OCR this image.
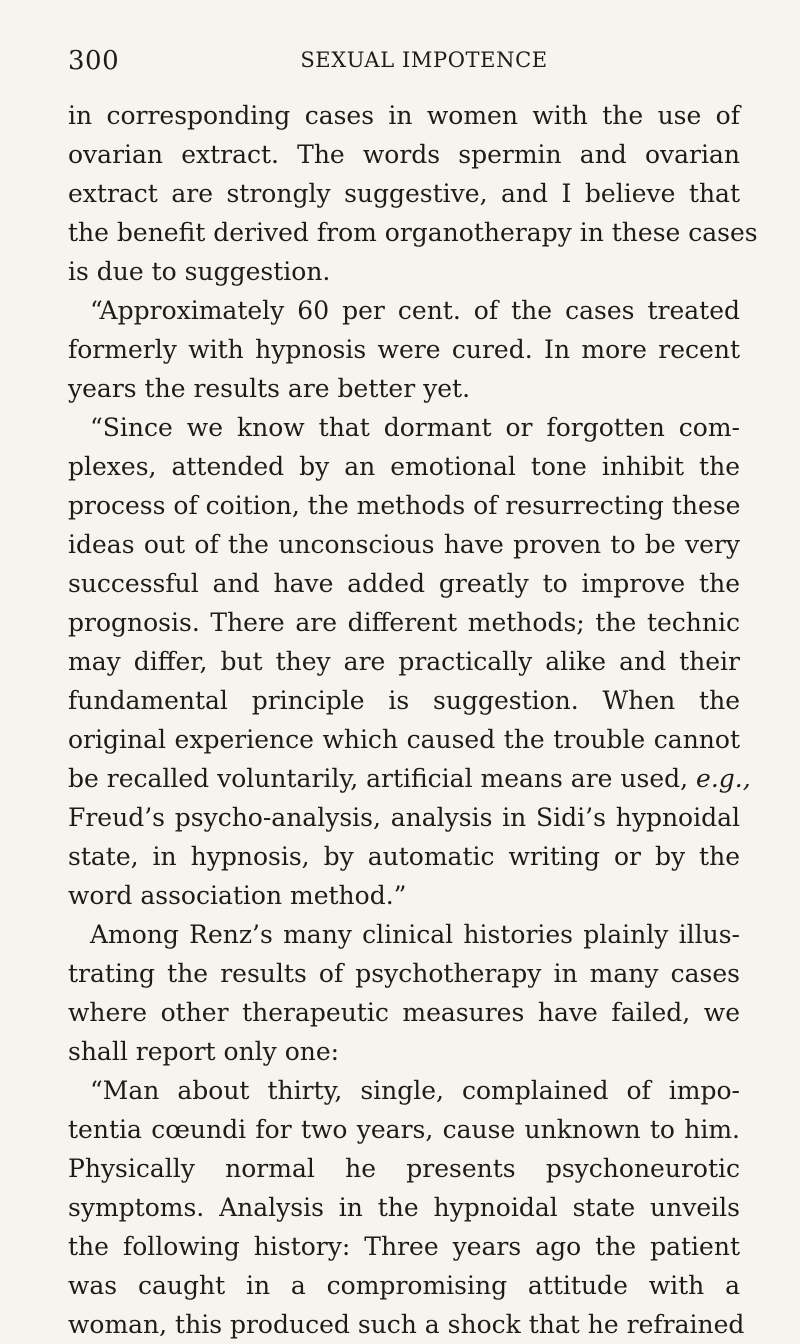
300	SEXUAL IMPOTENCE
in corresponding cases in women with the use of
ovarian extract. The words spermin and ovarian
extract are strongly suggestive, and I believe that
the benefit derived from organotherapy in these cases
is due to suggestion.
“Approximately 60 per cent. of the cases treated
formerly with hypnosis were cured. In more recent
years the results are better yet.
“Since we know that dormant or forgotten com-
plexes, attended by an emotional tone inhibit the
process of coition, the methods of resurrecting these
ideas out of the unconscious have proven to be very
successful and have added greatly to improve the
prognosis. There are different methods; the technic
may differ, but they are practically alike and their
fundamental principle is suggestion. When the
original experience which caused the trouble cannot
be recalled voluntarily, artificial means are used, e.g.,
Freud’s psycho-analysis, analysis in Sidi’s hypnoidal
state, in hypnosis, by automatic writing or by the
word association method.”
Among Renz’s many clinical histories plainly illus-
trating the results of psychotherapy in many cases
where other therapeutic measures have failed, we
shall report only one:
“Man about thirty, single, complained of impo-
tentia cœundi for two years, cause unknown to him.
Physically normal he presents psychoneurotic
symptoms. Analysis in the hypnoidal state unveils
the following history: Three years ago the patient
was caught in a compromising attitude with a
woman, this produced such a shock that he refrained
